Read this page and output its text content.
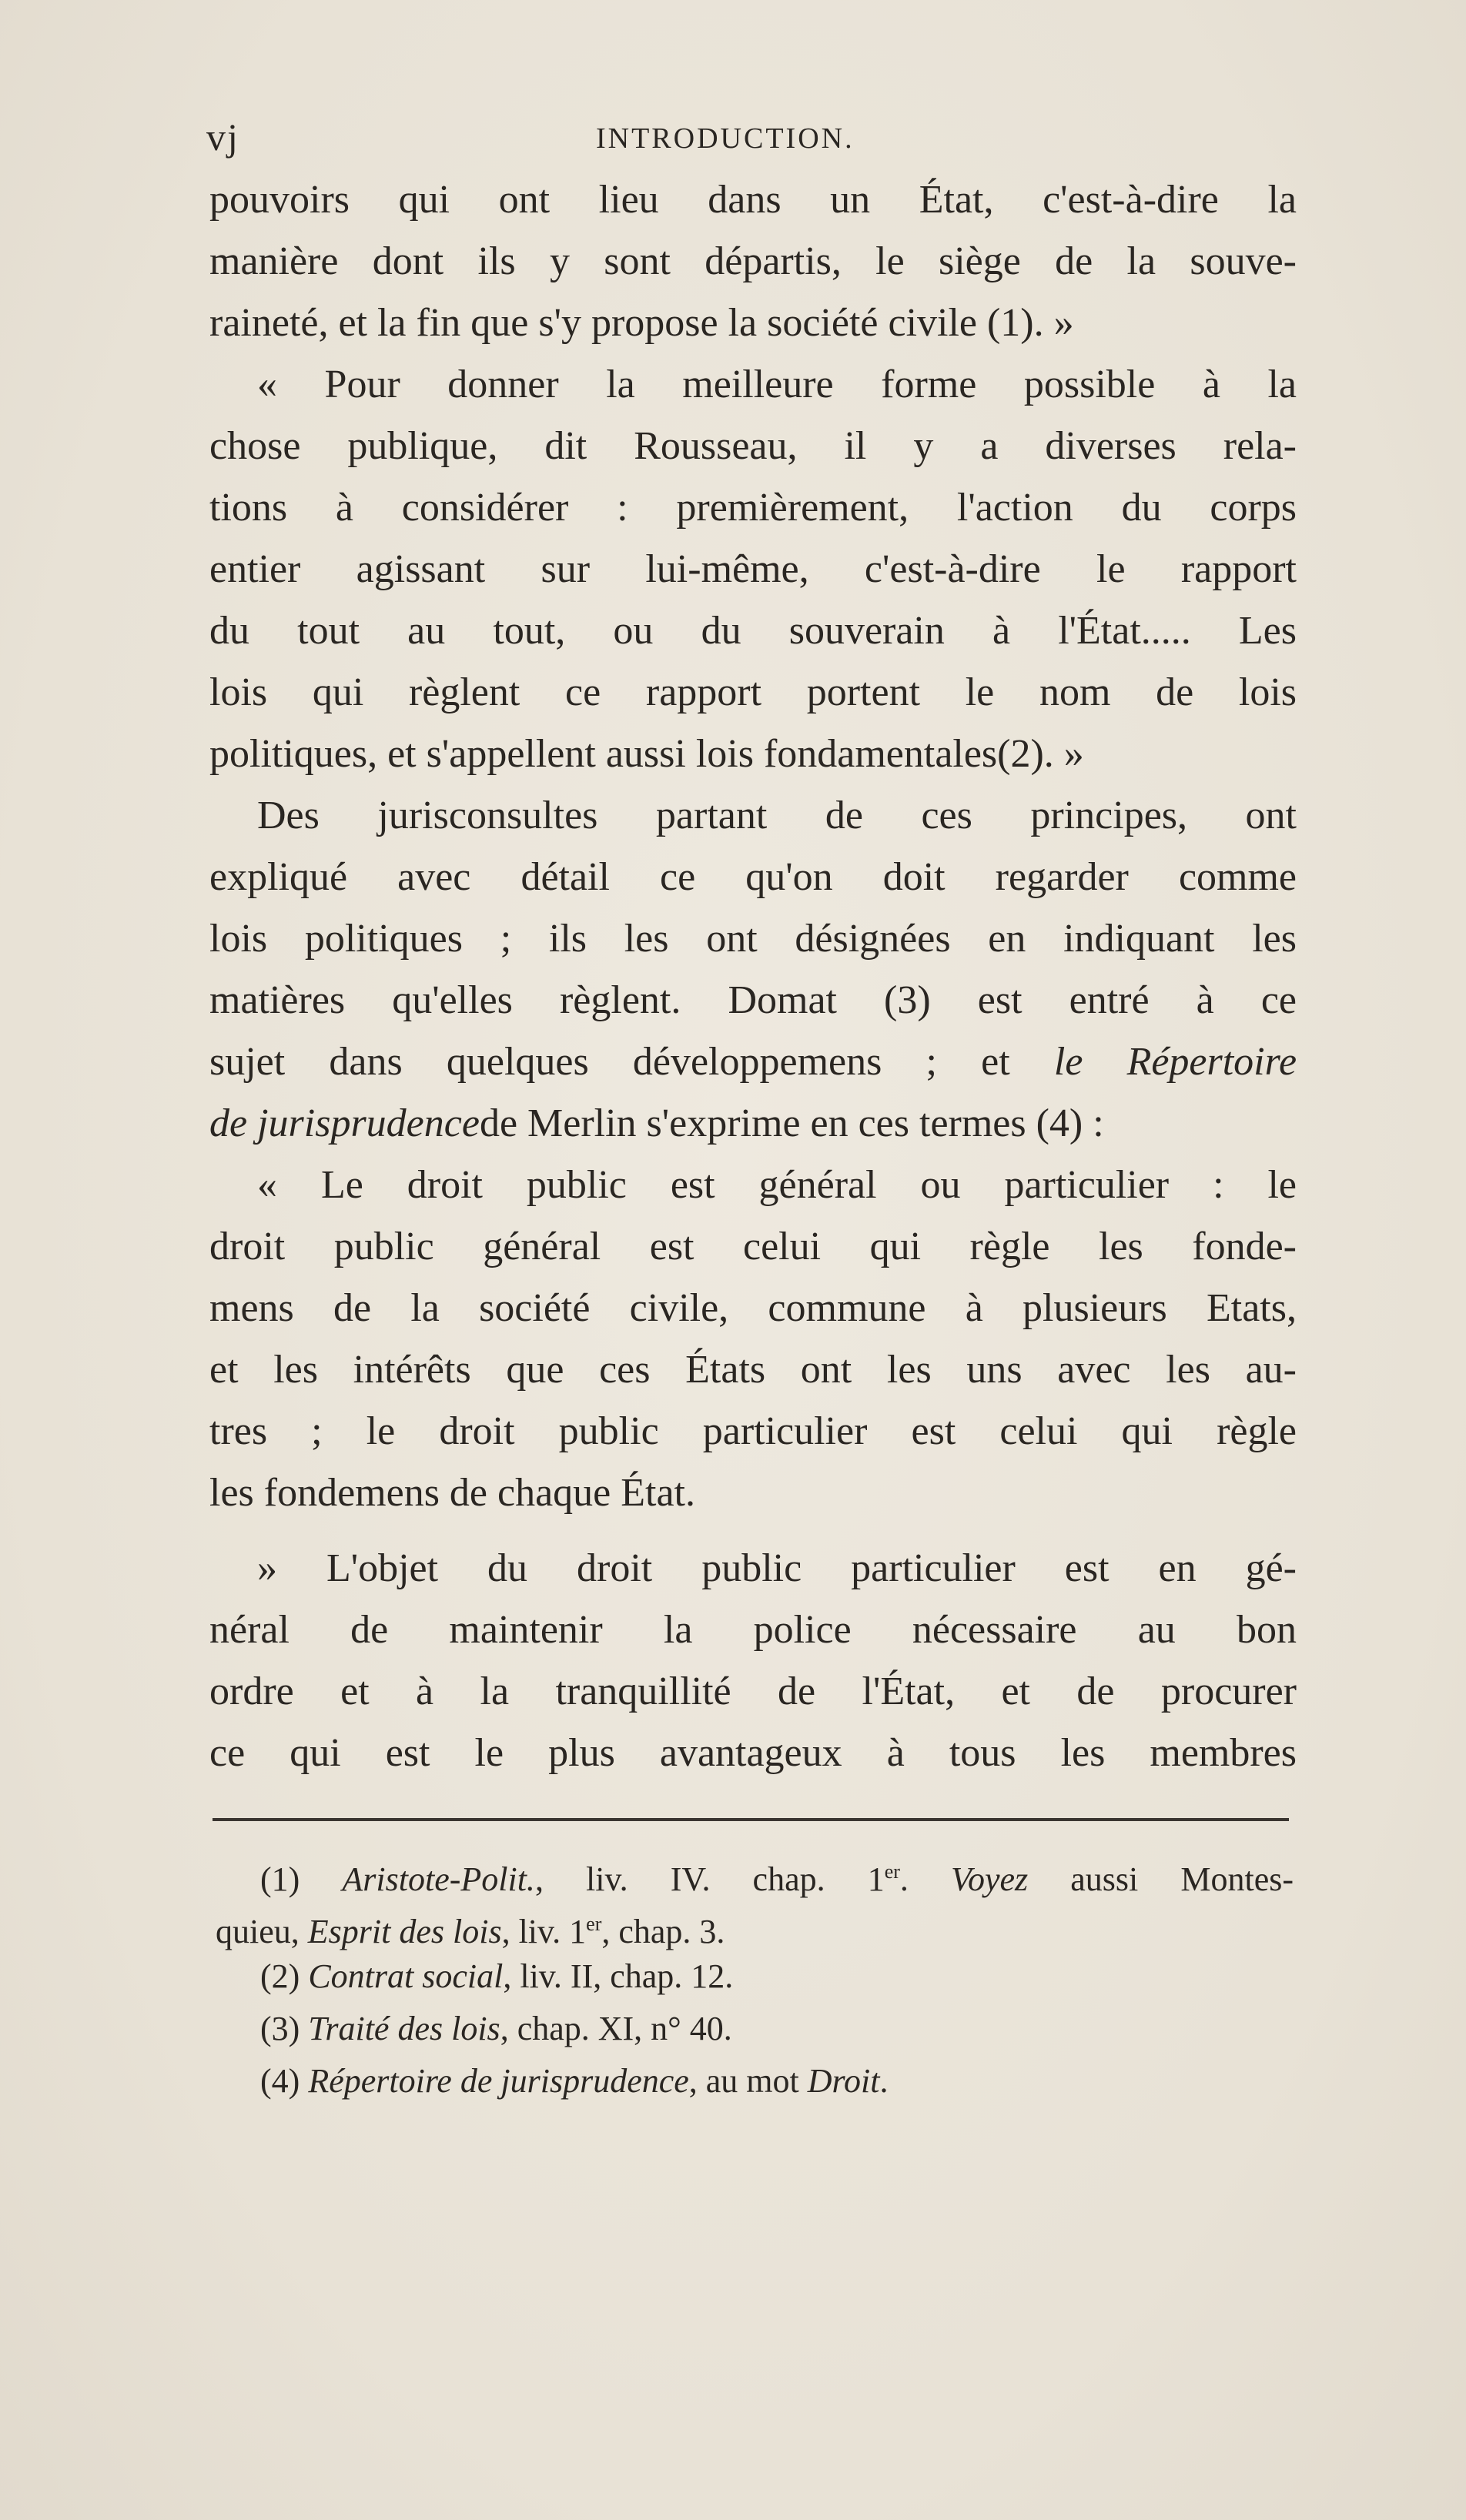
vj	INTRODUCTION.
pouvoirs qui ont lieu dans un État, c'est-à-dire la
manière dont ils y sont départis, le siège de la souve-
raineté, et la fin que s'y propose la société civile (1). »
« Pour donner la meilleure forme possible à la
chose publique, dit Rousseau, il y a diverses rela-
tions à considérer : premièrement, l'action du corps
entier agissant sur lui-même, c'est-à-dire le rapport
du tout au tout, ou du souverain à l'État..... Les
lois qui règlent ce rapport portent le nom de lois
politiques, et s'appellent aussi lois fondamentales(2). »
Des jurisconsultes partant de ces principes, ont
expliqué avec détail ce qu'on doit regarder comme
lois politiques ; ils les ont désignées en indiquant les
matières qu'elles règlent. Domat (3) est entré à ce
sujet dans quelques développemens ; et le Répertoire
de jurisprudencede Merlin s'exprime en ces termes (4) :
« Le droit public est général ou particulier : le
droit public général est celui qui règle les fonde-
mens de la société civile, commune à plusieurs Etats,
et les intérêts que ces États ont les uns avec les au-
tres ; le droit public particulier est celui qui règle
les fondemens de chaque État.
» L'objet du droit public particulier est en gé-
néral de maintenir la police nécessaire au bon
ordre et à la tranquillité de l'État, et de procurer
ce qui est le plus avantageux à tous les membres
(1) Aristote-Polit., liv. IV. chap. 1er. Voyez aussi Montes-
quieu, Esprit des lois, liv. 1er, chap. 3.
(2) Contrat social, liv. II, chap. 12.
(3) Traité des lois, chap. XI, n° 40.
(4) Répertoire de jurisprudence, au mot Droit.
